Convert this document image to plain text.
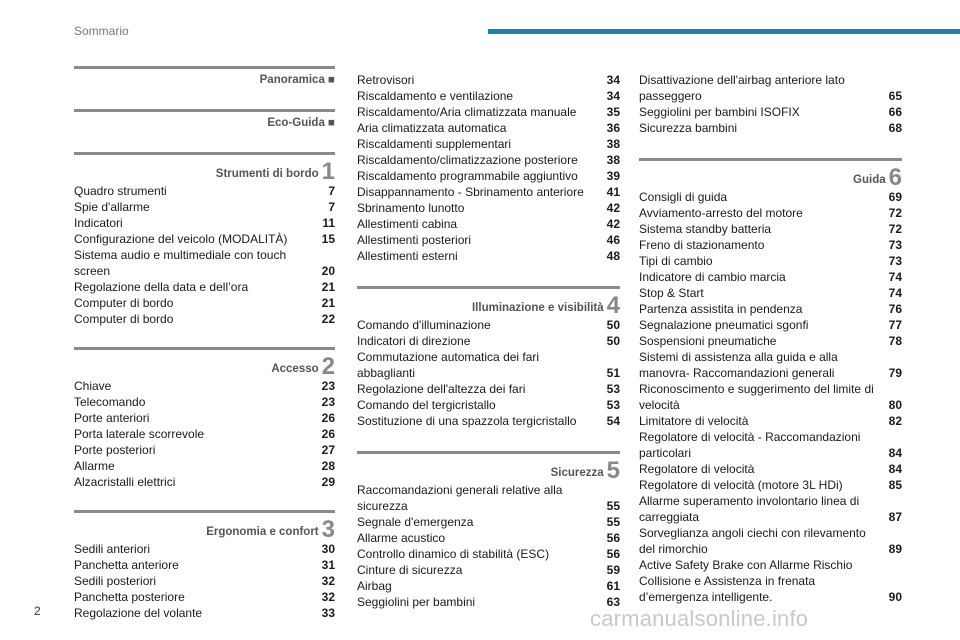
Sommario
Panoramica ■
Eco-Guida ■
Strumenti di bordo 1
Quadro strumenti	7
Spie d'allarme	7
Indicatori	11
Configurazione del veicolo (MODALITÀ)	15
Sistema audio e multimediale con touch screen	20
Regolazione della data e dell’ora	21
Computer di bordo	21
Computer di bordo	22
Accesso 2
Chiave	23
Telecomando	23
Porte anteriori	26
Porta laterale scorrevole	26
Porte posteriori	27
Allarme	28
Alzacristalli elettrici	29
Ergonomia e confort 3
Sedili anteriori	30
Panchetta anteriore	31
Sedili posteriori	32
Panchetta posteriore	32
Regolazione del volante	33
Retrovisori	34
Riscaldamento e ventilazione	34
Riscaldamento/Aria climatizzata manuale	35
Aria climatizzata automatica	36
Riscaldamenti supplementari	38
Riscaldamento/climatizzazione posteriore	38
Riscaldamento programmabile aggiuntivo	39
Disappannamento - Sbrinamento anteriore	41
Sbrinamento lunotto	42
Allestimenti cabina	42
Allestimenti posteriori	46
Allestimenti esterni	48
Illuminazione e visibilità 4
Comando d'illuminazione	50
Indicatori di direzione	50
Commutazione automatica dei fari abbaglianti	51
Regolazione dell'altezza dei fari	53
Comando del tergicristallo	53
Sostituzione di una spazzola tergicristallo	54
Sicurezza 5
Raccomandazioni generali relative alla sicurezza	55
Segnale d'emergenza	55
Allarme acustico	56
Controllo dinamico di stabilità (ESC)	56
Cinture di sicurezza	59
Airbag	61
Seggiolini per bambini	63
Disattivazione dell'airbag anteriore lato passeggero	65
Seggiolini per bambini ISOFIX	66
Sicurezza bambini	68
Guida 6
Consigli di guida	69
Avviamento-arresto del motore	72
Sistema standby batteria	72
Freno di stazionamento	73
Tipi di cambio	73
Indicatore di cambio marcia	74
Stop & Start	74
Partenza assistita in pendenza	76
Segnalazione pneumatici sgonfi	77
Sospensioni pneumatiche	78
Sistemi di assistenza alla guida e alla manovra- Raccomandazioni generali	79
Riconoscimento e suggerimento del limite di velocità	80
Limitatore di velocità	82
Regolatore di velocità - Raccomandazioni particolari	84
Regolatore di velocità	84
Regolatore di velocità (motore 3L HDi)	85
Allarme superamento involontario linea di carreggiata	87
Sorveglianza angoli ciechi con rilevamento del rimorchio	89
Active Safety Brake con Allarme Rischio Collisione e Assistenza in frenata d’emergenza intelligente.	90
2	carmanualsonline.info
